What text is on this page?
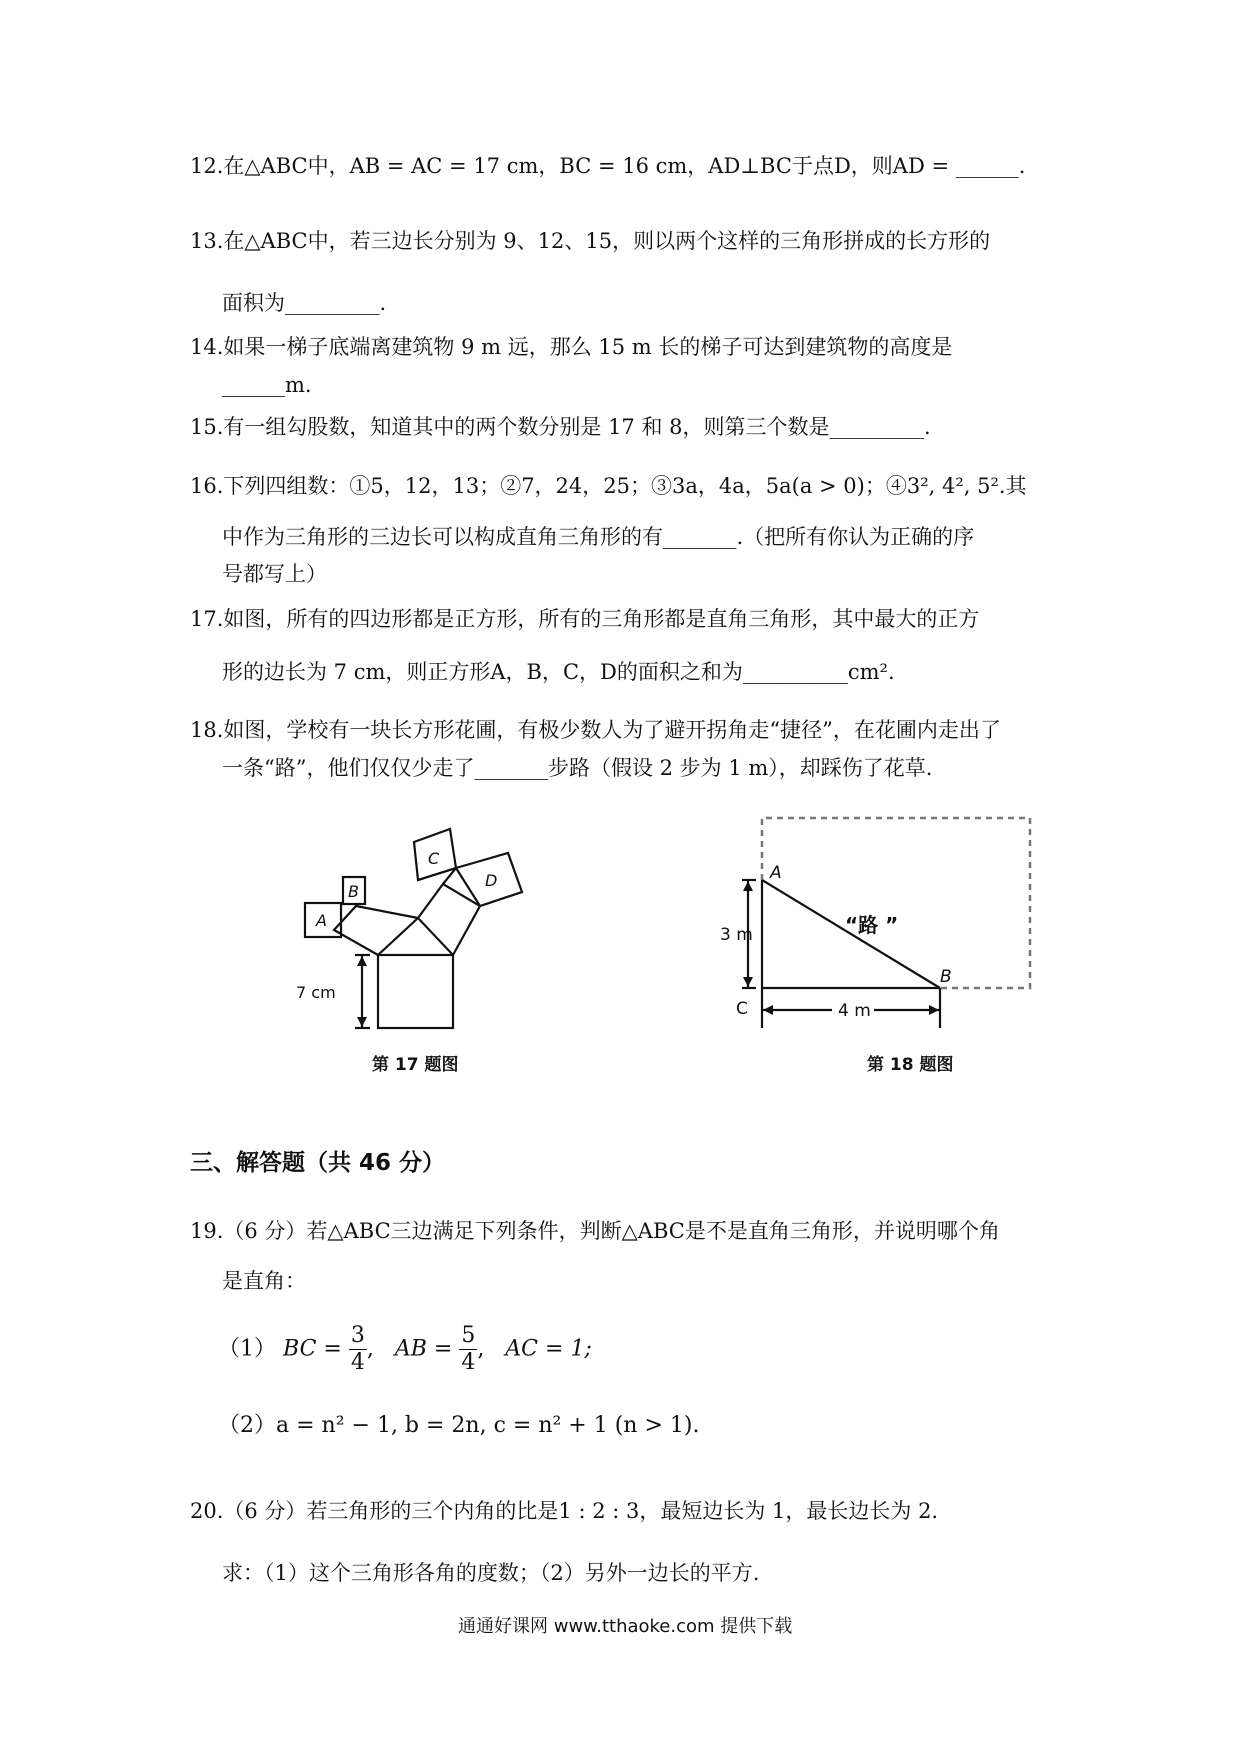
12.在△ABC中，AB = AC = 17 cm，BC = 16 cm，AD⊥BC于点D，则AD = ______.
13.在△ABC中，若三边长分别为 9、12、15，则以两个这样的三角形拼成的长方形的
面积为_________.
14.如果一梯子底端离建筑物 9 m 远，那么 15 m 长的梯子可达到建筑物的高度是
______m.
15.有一组勾股数，知道其中的两个数分别是 17 和 8，则第三个数是_________.
16.下列四组数：①5，12，13；②7，24，25；③3a，4a，5a(a > 0)；④3², 4², 5².其
中作为三角形的三边长可以构成直角三角形的有_______.（把所有你认为正确的序
号都写上）
17.如图，所有的四边形都是正方形，所有的三角形都是直角三角形，其中最大的正方
形的边长为 7 cm，则正方形A，B，C，D的面积之和为__________cm².
18.如图，学校有一块长方形花圃，有极少数人为了避开拐角走“捷径”，在花圃内走出了
一条“路”，他们仅仅少走了_______步路（假设 2 步为 1 m），却踩伤了花草.
A
B
C
D
7 cm
第 17 题图
A
B
C
3 m
4 m
“路 ”
第 18 题图
三、解答题（共 46 分）
19.（6 分）若△ABC三边满足下列条件，判断△ABC是不是直角三角形，并说明哪个角
是直角：
（1） BC = $\frac{3}{4}$ ,   AB = $\frac{5}{4}$ ,   AC = 1;
（2）a = n² − 1, b = 2n, c = n² + 1 (n > 1).
20.（6 分）若三角形的三个内角的比是1 : 2 : 3，最短边长为 1，最长边长为 2.
求：（1）这个三角形各角的度数；（2）另外一边长的平方.
通通好课网 www.tthaoke.com 提供下载
